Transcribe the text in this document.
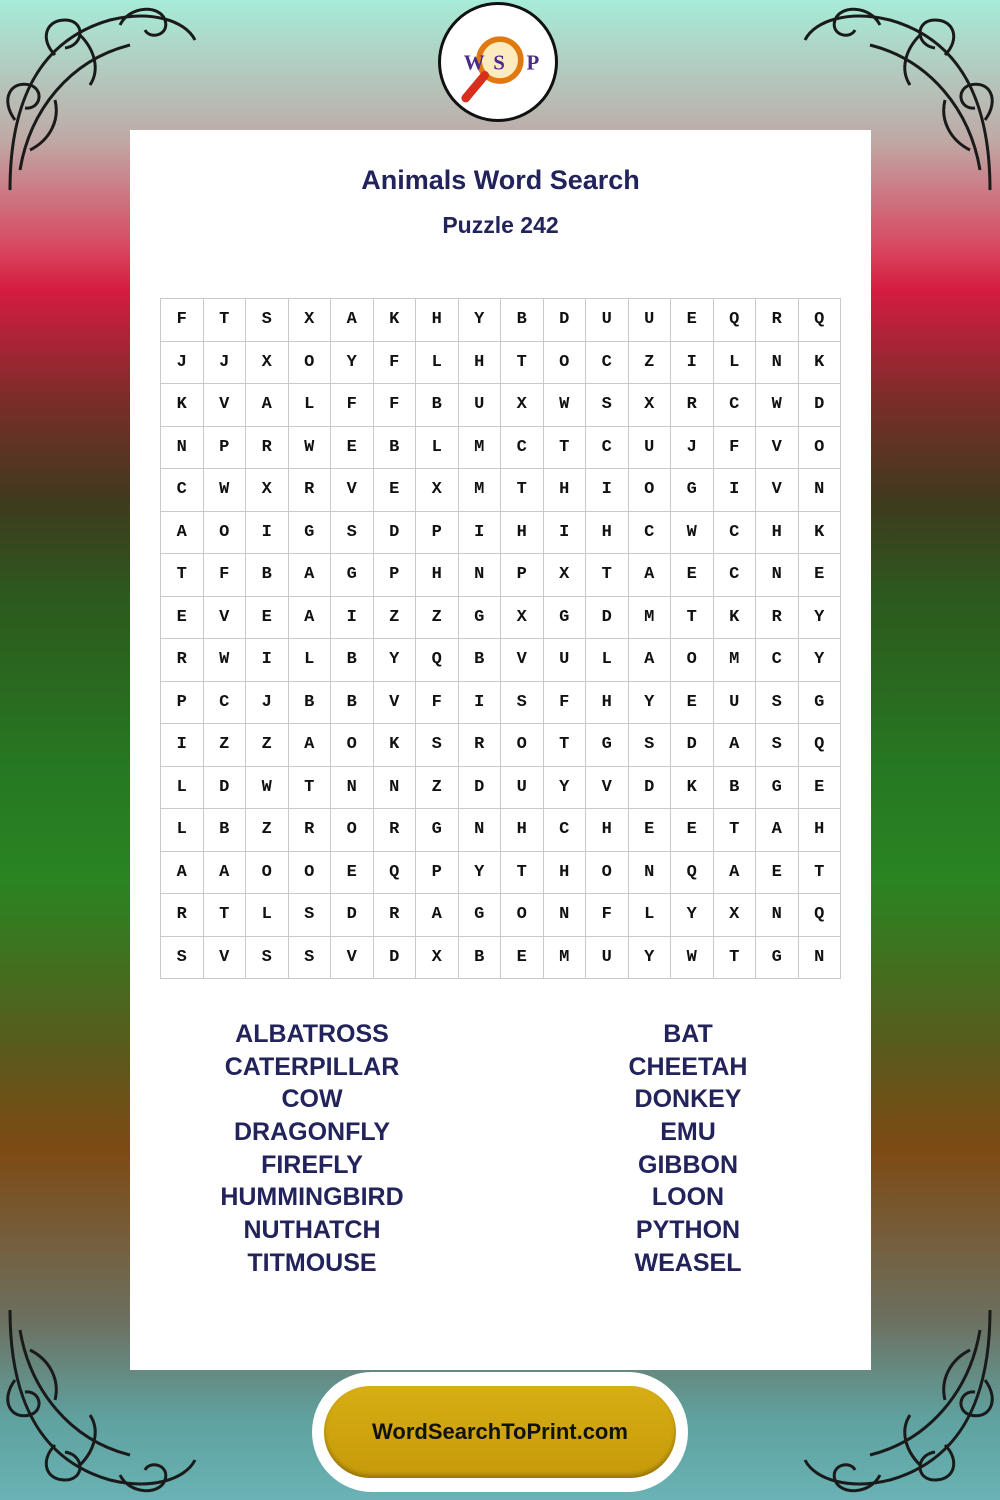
W S P
Animals Word Search
Puzzle 242
F	T	S	X	A	K	H	Y	B	D	U	U	E	Q	R	Q
J	J	X	O	Y	F	L	H	T	O	C	Z	I	L	N	K
K	V	A	L	F	F	B	U	X	W	S	X	R	C	W	D
N	P	R	W	E	B	L	M	C	T	C	U	J	F	V	O
C	W	X	R	V	E	X	M	T	H	I	O	G	I	V	N
A	O	I	G	S	D	P	I	H	I	H	C	W	C	H	K
T	F	B	A	G	P	H	N	P	X	T	A	E	C	N	E
E	V	E	A	I	Z	Z	G	X	G	D	M	T	K	R	Y
R	W	I	L	B	Y	Q	B	V	U	L	A	O	M	C	Y
P	C	J	B	B	V	F	I	S	F	H	Y	E	U	S	G
I	Z	Z	A	O	K	S	R	O	T	G	S	D	A	S	Q
L	D	W	T	N	N	Z	D	U	Y	V	D	K	B	G	E
L	B	Z	R	O	R	G	N	H	C	H	E	E	T	A	H
A	A	O	O	E	Q	P	Y	T	H	O	N	Q	A	E	T
R	T	L	S	D	R	A	G	O	N	F	L	Y	X	N	Q
S	V	S	S	V	D	X	B	E	M	U	Y	W	T	G	N
ALBATROSS
CATERPILLAR
COW
DRAGONFLY
FIREFLY
HUMMINGBIRD
NUTHATCH
TITMOUSE
BAT
CHEETAH
DONKEY
EMU
GIBBON
LOON
PYTHON
WEASEL
WordSearchToPrint.com
